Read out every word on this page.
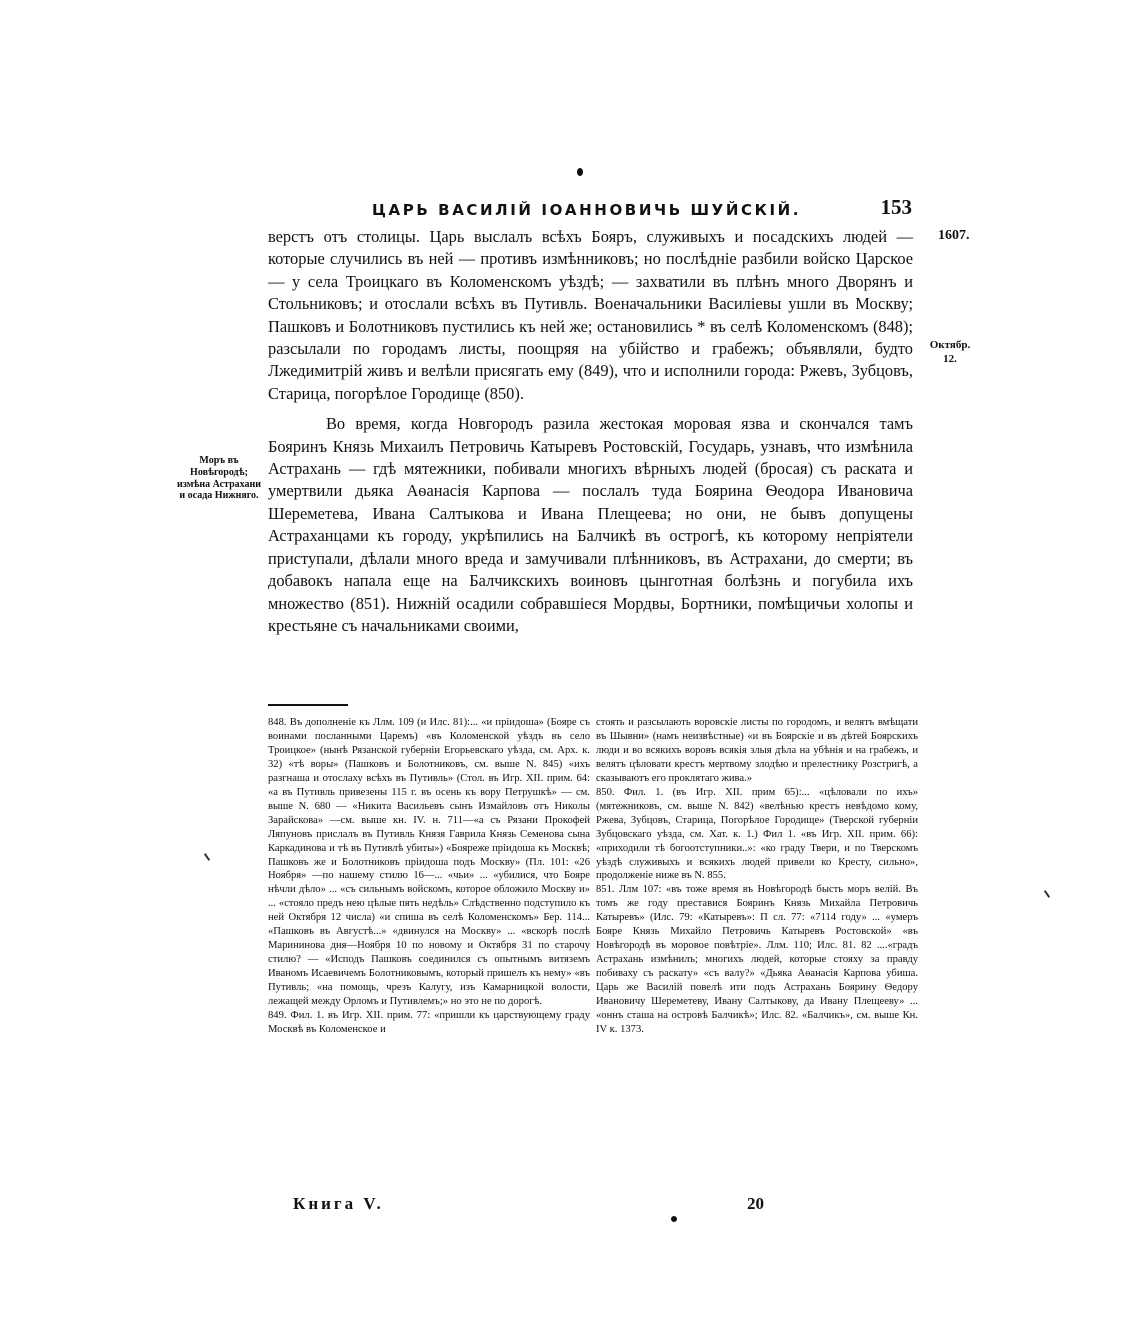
ЦАРЬ ВАСИЛІЙ ІОАННОВИЧЬ ШУЙСКІЙ.	153
1607.
Октябр.
12.
Моръ въ Новѣгородѣ; измѣна Астрахани и осада Нижняго.

верстъ отъ столицы. Царь выслалъ всѣхъ Бояръ, служивыхъ и посадскихъ людей — которые случились въ ней — противъ измѣнниковъ; но послѣдніе разбили войско Царское — у села Троицкаго въ Коломенскомъ уѣздѣ; — захватили въ плѣнъ много Дворянъ и Стольниковъ; и отослали всѣхъ въ Путивль. Военачальники Василіевы ушли въ Москву; Пашковъ и Болотниковъ пустились къ ней же; остановились * въ селѣ Коломенскомъ (848); разсылали по городамъ листы, поощряя на убійство и грабежъ; объявляли, будто Лжедимитрій живъ и велѣли присягать ему (849), что и исполнили города: Ржевъ, Зубцовъ, Старица, погорѣлое Городище (850).

Во время, когда Новгородъ разила жестокая моровая язва и скончался тамъ Бояринъ Князь Михаилъ Петровичь Катыревъ Ростовскій, Государь, узнавъ, что измѣнила Астрахань — гдѣ мятежники, побивали многихъ вѣрныхъ людей (бросая) съ раската и умертвили дьяка Аѳанасія Карпова — послалъ туда Боярина Ѳеодора Ивановича Шереметева, Ивана Салтыкова и Ивана Плещеева; но они, не бывъ допущены Астраханцами къ городу, укрѣпились на Балчикѣ въ острогѣ, къ которому непріятели приступали, дѣлали много вреда и замучивали плѣнниковъ, въ Астрахани, до смерти; въ добавокъ напала еще на Балчикскихъ воиновъ цынготная болѣзнь и погубила ихъ множество (851). Нижній осадили собравшіеся Мордвы, Бортники, помѣщичьи холопы и крестьяне съ начальниками своими,

848. Въ дополненіе къ Ллм. 109 (и Илс. 81):... «и пріидоша» (Бояре съ воинами посланными Царемъ) «въ Коломенской уѣздъ въ село Троицкое» (нынѣ Рязанской губерніи Егорьевскаго уѣзда, см. Арх. к. 32) «тѣ воры» (Пашковъ и Болотниковъ, см. выше N. 845) «ихъ разгнаша и отослаху всѣхъ въ Путивль» (Стол. въ Игр. XII. прим. 64: «а въ Путивль привезены 115 г. въ осень къ вору Петрушкѣ» — см. выше N. 680 — «Никита Васильевъ сынъ Измайловъ отъ Николы Зарайскова» —см. выше кн. IV. н. 711—«а съ Рязани Прокофей Ляпуновъ прислалъ въ Путивль Князя Гаврила Князь Семенова сына Каркадинова и тѣ въ Путивлѣ убиты») «Бояреже пріидоша къ Москвѣ; Пашковъ же и Болотниковъ пріидоша подъ Москву» (Пл. 101: «26 Ноября» —по нашему стилю 16—... «чьи» ... «убилися, что Бояре нѣчли дѣло» ... «съ сильнымъ войскомъ, которое обложило Москву и» ... «стояло предъ нею цѣлые пять недѣль» Слѣдственно подступило къ ней Октября 12 числа) «и спиша въ селѣ Коломенскомъ» Бер. 114... «Пашковъ въ Августѣ...» «двинулся на Москву» ... «вскорѣ послѣ Марининова дня—Ноября 10 по новому и Октября 31 по старочу стилю? — «Исподъ Пашковъ соединился съ опытнымъ витяземъ Иваномъ Исаевичемъ Болотниковымъ, который пришелъ къ нему» «въ Путивль; «на помощь, чрезъ Калугу, изъ Камарницкой волости, лежащей между Орломъ и Путивлемъ;» но это не по дорогѣ.

849. Фил. 1. въ Игр. XII. прим. 77: «пришли къ царствующему граду Москвѣ въ Коломенское и

стоять и разсылають воровскіе листы по городомъ, и велятъ вмѣщати въ Шывни» (намъ неизвѣстные) «и въ Боярскіе и въ дѣтей Боярскихъ люди и во всякихъ воровъ всякія злыя дѣла на убѣнія и на грабежъ, и велятъ цѣловати крестъ мертвому злодѣю и прелестнику Розстригѣ, а сказываютъ его проклятаго жива.»

850. Фил. 1. (въ Игр. XII. прим 65):... «цѣловали по ихъ» (мятежниковъ, см. выше N. 842) «велѣнью крестъ невѣдомо кому, Ржева, Зубцовъ, Старица, Погорѣлое Городище» (Тверской губерніи Зубцовскаго уѣзда, см. Хат. к. 1.) Фил 1. «въ Игр. XII. прим. 66): «приходили тѣ богоотступники..»: «ко граду Твери, и по Тверскомъ уѣздѣ служивыхъ и всякихъ людей привели ко Кресту, сильно», продолженіе ниже въ N. 855.

851. Ллм 107: «въ тоже время въ Новѣгородѣ бысть моръ велій. Въ томъ же году преставися Бояринъ Князь Михайла Петровичь Катыревъ» (Илс. 79: «Катыревъ»: П сл. 77: «7114 году» ... «умеръ Бояре Князь Михайло Петровичь Катыревъ Ростовской» «въ Новѣгородѣ въ моровое повѣтріе». Ллм. 110; Илс. 81. 82 ....«градъ Астрахань измѣнилъ; многихъ людей, которые стояху за правду побиваху съ раскату» «съ валу?» «Дьяка Аѳанасія Карпова убиша. Царь же Василій повелѣ ити подъ Астрахань Боярину Ѳедору Ивановичу Шереметеву, Ивану Салтыкову, да Ивану Плещееву» ... «оннъ сташа на островѣ Балчикѣ»; Илс. 82. «Балчикъ», см. выше Кн. IV к. 1373.

Книга V.	20
